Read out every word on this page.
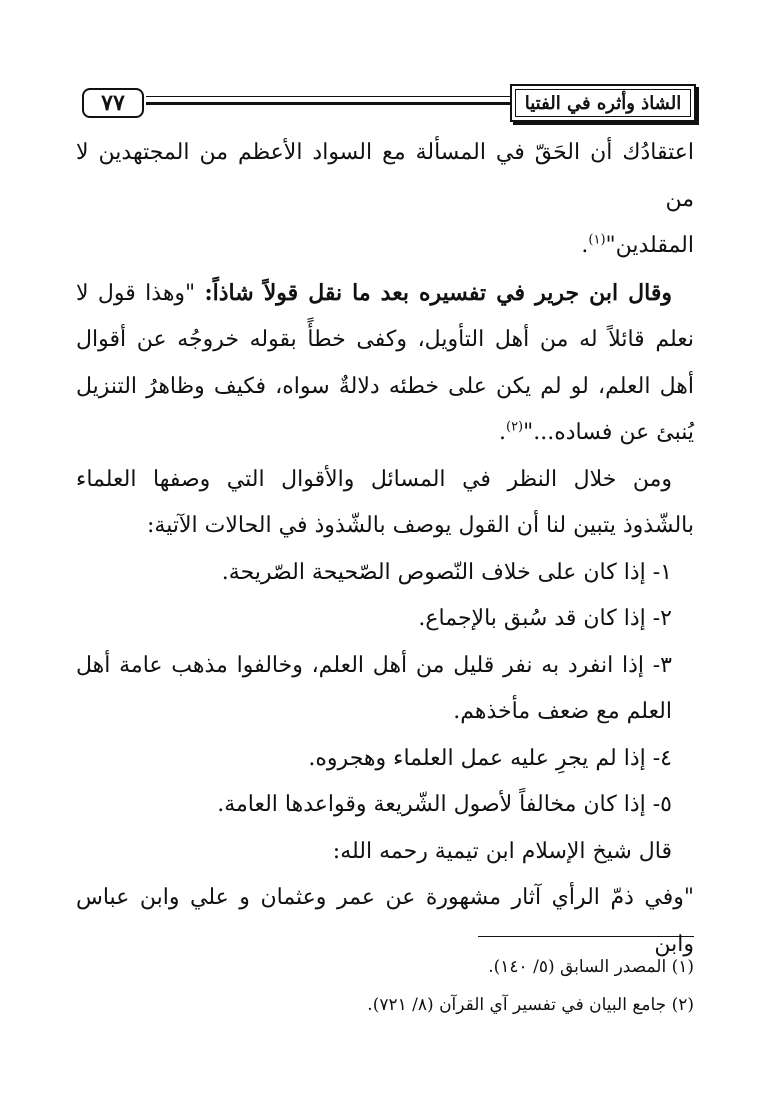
٧٧	الشاذ وأثره في الفتيا

اعتقادُك أن الحَقّ في المسألة مع السواد الأعظم من المجتهدين لا من
المقلدين"$^{(١)}$.

وقال ابن جرير في تفسيره بعد ما نقل قولاً شاذاً: "وهذا قول لا نعلم قائلاً له من أهل التأويل، وكفى خطأً بقوله خروجُه عن أقوال أهل العلم، لو لم يكن على خطئه دلالةٌ سواه، فكيف وظاهرُ التنزيل يُنبئ عن فساده..."$^{(٢)}$.

ومن خلال النظر في المسائل والأقوال التي وصفها العلماء بالشّذوذ يتبين لنا أن القول يوصف بالشّذوذ في الحالات الآتية:

١- إذا كان على خلاف النّصوص الصّحيحة الصّريحة.

٢- إذا كان قد سُبق بالإجماع.

٣- إذا انفرد به نفر قليل من أهل العلم، وخالفوا مذهب عامة أهل العلم مع ضعف مأخذهم.

٤- إذا لم يجرِ عليه عمل العلماء وهجروه.

٥- إذا كان مخالفاً لأصول الشّريعة وقواعدها العامة.

قال شيخ الإسلام ابن تيمية رحمه الله:

"وفي ذمّ الرأي آثار مشهورة عن عمر وعثمان و علي وابن عباس وابن

(١) المصدر السابق (٥/ ١٤٠).

(٢) جامع البيان في تفسير آي القرآن (٨/ ٧٢١).
